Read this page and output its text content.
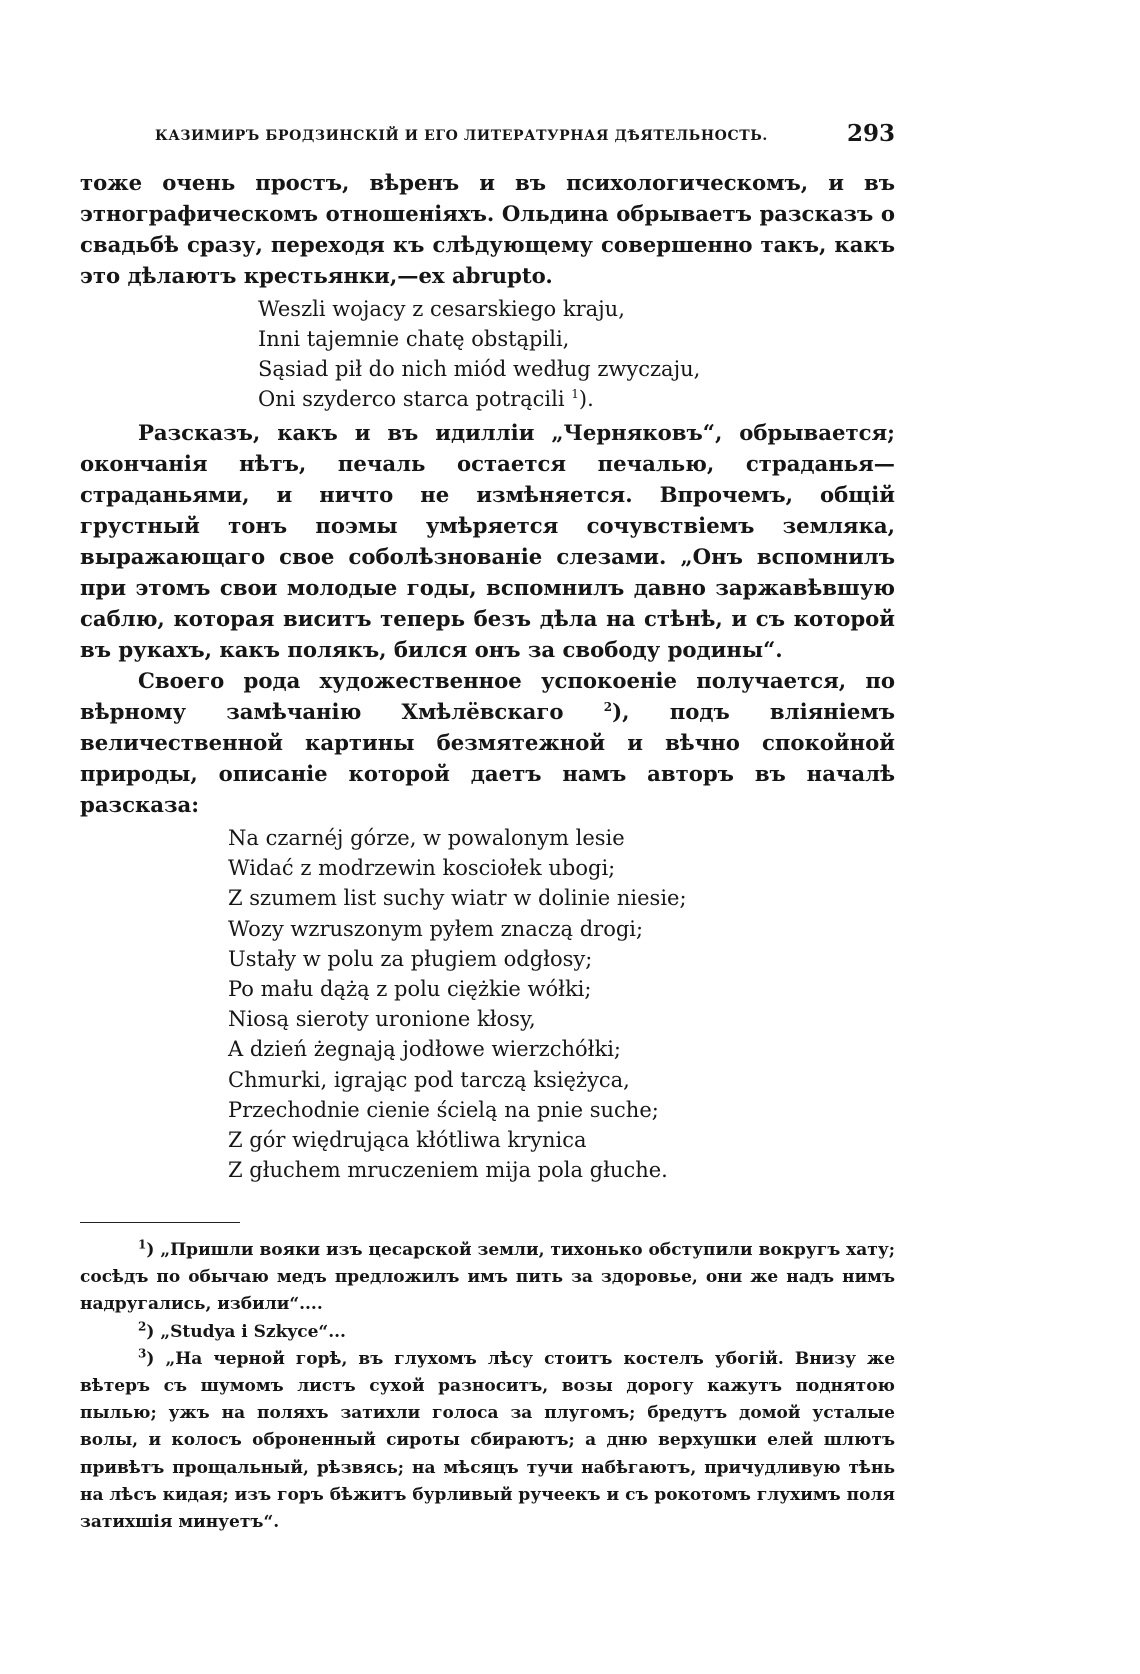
КАЗИМИРЪ БРОДЗИНСКІЙ И ЕГО ЛИТЕРАТУРНАЯ ДѢЯТЕЛЬНОСТЬ.	293

тоже очень простъ, вѣренъ и въ психологическомъ, и въ этнографическомъ отношеніяхъ. Ольдина обрываетъ разсказъ о свадьбѣ сразу, переходя къ слѣдующему совершенно такъ, какъ это дѣлаютъ крестьянки,—ex abrupto.

Weszli wojacy z cesarskiego kraju,
Inni tajemnie chatę obstąpili,
Sąsiad pił do nich miód według zwyczaju,
Oni szyderco starca potrącili $^1$).

Разсказъ, какъ и въ идилліи „Черняковъ“, обрывается; окончанія нѣтъ, печаль остается печалью, страданья—страданьями, и ничто не измѣняется. Впрочемъ, общій грустный тонъ поэмы умѣряется сочувствіемъ земляка, выражающаго свое соболѣзнованіе слезами. „Онъ вспомнилъ при этомъ свои молодые годы, вспомнилъ давно заржавѣвшую саблю, которая виситъ теперь безъ дѣла на стѣнѣ, и съ которой въ рукахъ, какъ полякъ, бился онъ за свободу родины“.

Своего рода художественное успокоеніе получается, по вѣрному замѣчанію Хмѣлёвскаго	$^2$), подъ вліяніемъ величественной картины безмятежной и вѣчно спокойной природы, описаніе которой даетъ намъ авторъ въ началѣ разсказа:

Na czarnéj górze, w powalonym lesie
Widać z modrzewin kosciołek ubogi;
Z szumem list suchy wiatr w dolinie niesie;
Wozy wzruszonym pyłem znaczą drogi;
Ustały w polu za pługiem odgłosy;
Po mału dążą z polu ciężkie wółki;
Niosą sieroty uronione kłosy,
A dzień żegnają jodłowe wierzchółki;
Chmurki, igrając pod tarczą księżyca,
Przechodnie cienie ścielą na pnie suche;
Z gór więdrująca kłótliwa krynica
Z głuchem mruczeniem mija pola głuche.

$^1$) „Пришли вояки изъ цесарской земли, тихонько обступили вокругъ хату; сосѣдъ по обычаю медъ предложилъ имъ пить за здоровье, они же надъ нимъ надругались, избили“....

$^2$) „Studya i Szkyce“...

$^3$) „На черной горѣ, въ глухомъ лѣсу стоитъ костелъ убогій. Внизу же вѣтеръ съ шумомъ листъ сухой разноситъ, возы дорогу кажутъ поднятою пылью; ужъ на поляхъ затихли голоса за плугомъ; бредутъ домой усталые волы, и колосъ оброненный сироты сбираютъ; а дню верхушки елей шлютъ привѣтъ прощальный, рѣзвясь; на мѣсяцъ тучи набѣгаютъ, причудливую тѣнь на лѣсъ кидая; изъ горъ бѣжитъ бурливый ручеекъ и съ рокотомъ глухимъ поля затихшія минуетъ“.
